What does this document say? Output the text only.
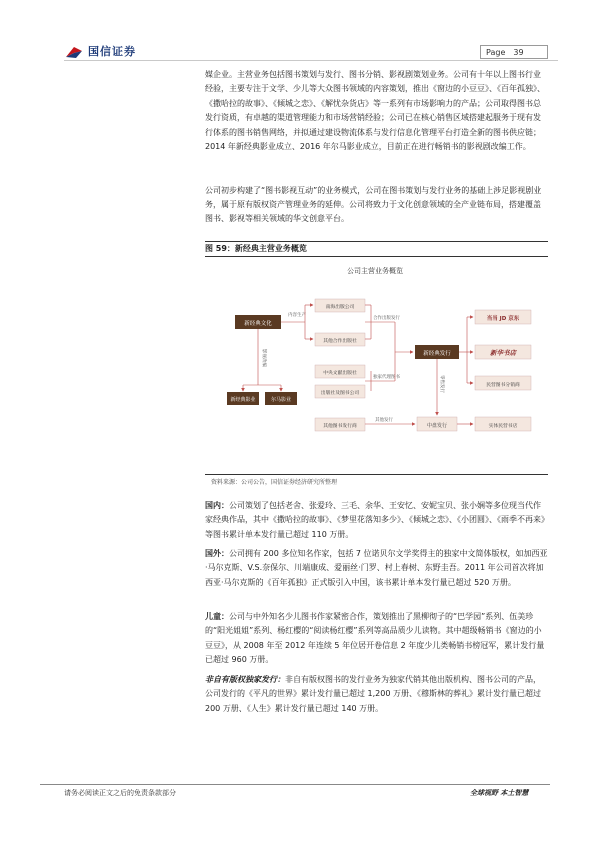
国信证券	Page 39

媒企业。主营业务包括图书策划与发行、图书分销、影视剧策划业务。公司有十年以上图书行业经验，主要专注于文学、少儿等大众图书领域的内容策划，推出《窗边的小豆豆》、《百年孤独》、《撒哈拉的故事》、《倾城之恋》、《解忧杂货店》等一系列有市场影响力的产品；公司取得图书总发行资质，有卓越的渠道管理能力和市场营销经验；公司已在核心销售区域搭建起服务于现有发行体系的图书销售网络，并拟通过建设物流体系与发行信息化管理平台打造全新的图书供应链；2014 年新经典影业成立、2016 年尔马影业成立，目前正在进行畅销书的影视剧改编工作。

公司初步构建了“图书影视互动”的业务模式，公司在图书策划与发行业务的基础上涉足影视剧业务，属于原有版权资产管理业务的延伸。公司将致力于文化创意领域的全产业链布局，搭建覆盖图书、影视等相关领域的华文创意平台。

图 59：新经典主营业务概览
公司主营业务概览
新经典文化
新经典影业	尔马影业
影视改编
内容生产
南海出版公司
其他合作出版社
中央文献出版社
出版社及图书公司
合作出版发行
独家代理图书
新经典发行
当当 JD 京东
新华书店
民营图书分销商
其他图书发行商
其他发行
零售发行
中盘发行	实体民营书店
资料来源：公司公告，国信证券经济研究所整理
国内：公司策划了包括老舍、张爱玲、三毛、余华、王安忆、安妮宝贝、张小娴等多位现当代作家经典作品，其中《撒哈拉的故事》、《梦里花落知多少》、《倾城之恋》、《小团圆》、《雨季不再来》等图书累计单本发行量已超过 110 万册。
国外：公司拥有 200 多位知名作家，包括 7 位诺贝尔文学奖得主的独家中文简体版权，如加西亚·马尔克斯、V.S.奈保尔、川端康成、爱丽丝·门罗、村上春树、东野圭吾。2011 年公司首次将加西亚·马尔克斯的《百年孤独》正式版引入中国，该书累计单本发行量已超过 520 万册。
儿童：公司与中外知名少儿图书作家紧密合作，策划推出了黑柳彻子的“巴学园”系列、伍美珍的“阳光姐姐”系列、杨红樱的“阅读杨红樱”系列等高品质少儿读物。其中超级畅销书《窗边的小豆豆》，从 2008 年至 2012 年连续 5 年位居开卷信息 2 年度少儿类畅销书榜冠军，累计发行量已超过 960 万册。
非自有版权独家发行：非自有版权图书的发行业务为独家代销其他出版机构、图书公司的产品，公司发行的《平凡的世界》累计发行量已超过 1,200 万册、《穆斯林的葬礼》累计发行量已超过 200 万册、《人生》累计发行量已超过 140 万册。
请务必阅读正文之后的免责条款部分	全球视野 本土智慧
